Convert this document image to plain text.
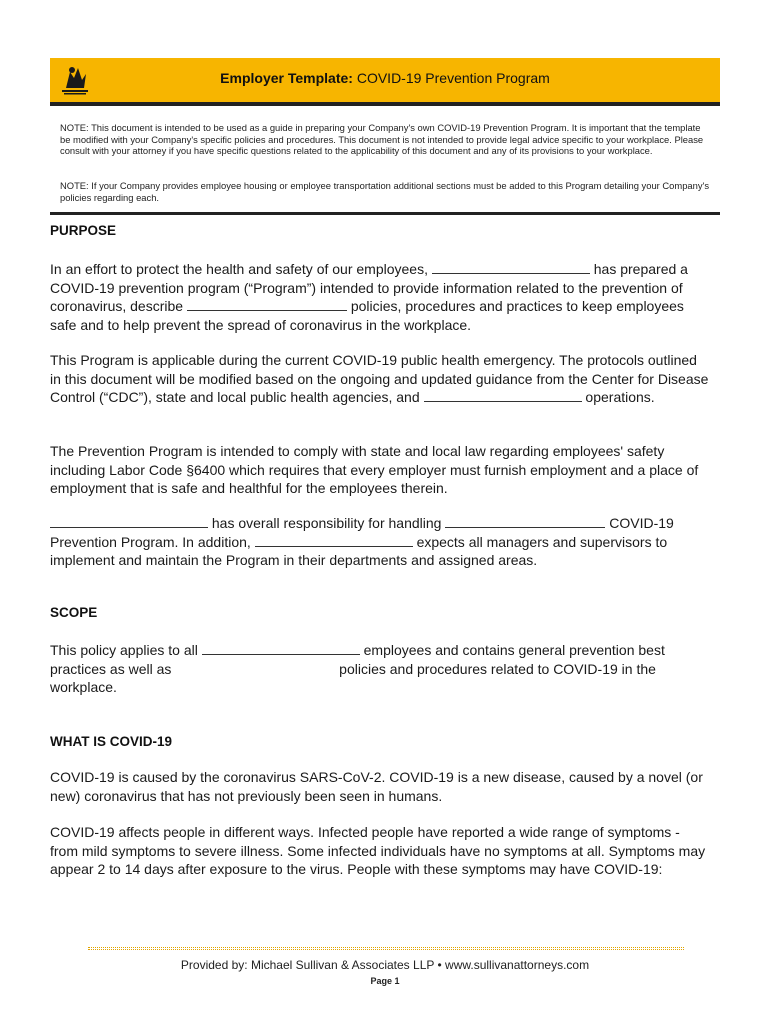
Employer Template: COVID-19 Prevention Program

NOTE: This document is intended to be used as a guide in preparing your Company's own COVID-19 Prevention Program. It is important that the template be modified with your Company's specific policies and procedures. This document is not intended to provide legal advice specific to your workplace. Please consult with your attorney if you have specific questions related to the applicability of this document and any of its provisions to your workplace.

NOTE: If your Company provides employee housing or employee transportation additional sections must be added to this Program detailing your Company's policies regarding each.

PURPOSE

In an effort to protect the health and safety of our employees,	has prepared a COVID-19 prevention program (“Program”) intended to provide information related to the prevention of coronavirus, describe	policies, procedures and practices to keep employees safe and to help prevent the spread of coronavirus in the workplace.

This Program is applicable during the current COVID-19 public health emergency. The protocols outlined in this document will be modified based on the ongoing and updated guidance from the Center for Disease Control (“CDC”), state and local public health agencies, and	operations.

The Prevention Program is intended to comply with state and local law regarding employees' safety including Labor Code §6400 which requires that every employer must furnish employment and a place of employment that is safe and healthful for the employees therein.

has overall responsibility for handling	COVID-19 Prevention Program. In addition,	expects all managers and supervisors to implement and maintain the Program in their departments and assigned areas.

SCOPE

This policy applies to all	employees and contains general prevention best practices as well as	policies and procedures related to COVID-19 in the workplace.

WHAT IS COVID-19

COVID-19 is caused by the coronavirus SARS-CoV-2. COVID-19 is a new disease, caused by a novel (or new) coronavirus that has not previously been seen in humans.

COVID-19 affects people in different ways. Infected people have reported a wide range of symptoms - from mild symptoms to severe illness. Some infected individuals have no symptoms at all. Symptoms may appear 2 to 14 days after exposure to the virus. People with these symptoms may have COVID-19:

Provided by: Michael Sullivan & Associates LLP • www.sullivanattorneys.com
Page 1
